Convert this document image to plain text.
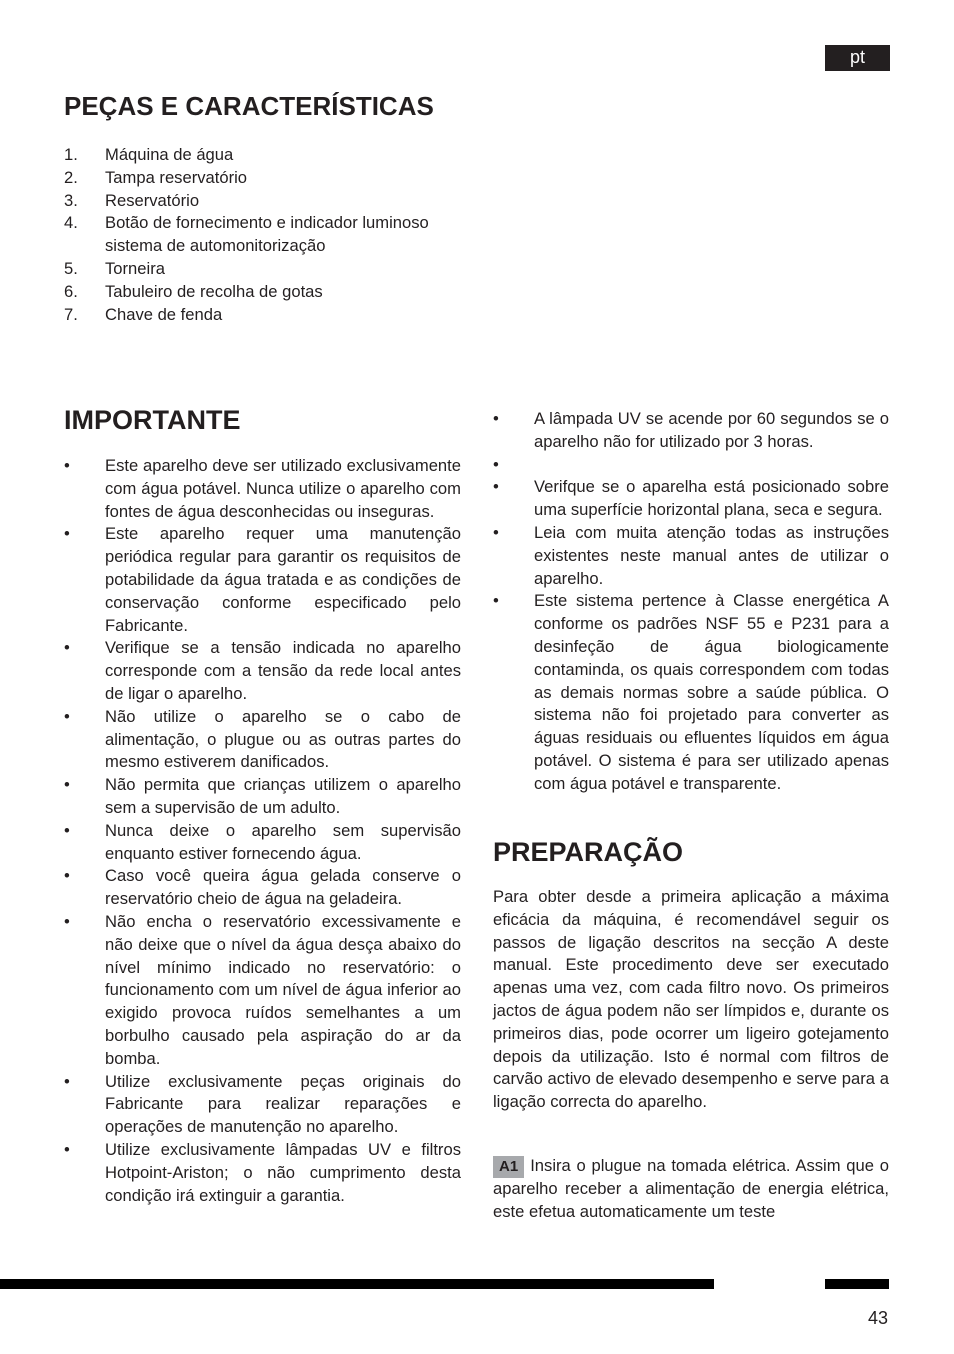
pt
PEÇAS E CARACTERÍSTICAS
1. Máquina de água
2. Tampa reservatório
3. Reservatório
4. Botão de fornecimento e indicador luminoso sistema de automonitorização
5. Torneira
6. Tabuleiro de recolha de gotas
7. Chave de fenda
IMPORTANTE
• Este aparelho deve ser utilizado exclusivamente com água potável. Nunca utilize o aparelho com fontes de água desconhecidas ou inseguras.
• Este aparelho requer uma manutenção periódica regular para garantir os requisitos de potabilidade da água tratada e as condições de conservação conforme especificado pelo Fabricante.
• Verifique se a tensão indicada no aparelho corresponde com a tensão da rede local antes de ligar o aparelho.
• Não utilize o aparelho se o cabo de alimentação, o plugue ou as outras partes do mesmo estiverem danificados.
• Não permita que crianças utilizem o aparelho sem a supervisão de um adulto.
• Nunca deixe o aparelho sem supervisão enquanto estiver fornecendo água.
• Caso você queira água gelada conserve o reservatório cheio de água na geladeira.
• Não encha o reservatório excessivamente e não deixe que o nível da água desça abaixo do nível mínimo indicado no reservatório: o funcionamento com um nível de água inferior ao exigido provoca ruídos semelhantes a um borbulho causado pela aspiração do ar da bomba.
• Utilize exclusivamente peças originais do Fabricante para realizar reparações e operações de manutenção no aparelho.
• Utilize exclusivamente lâmpadas UV e filtros Hotpoint-Ariston; o não cumprimento desta condição irá extinguir a garantia.
• A lâmpada UV se acende por 60 segundos se o aparelho não for utilizado por 3 horas.
•

• Verifque se o aparelha está posicionado sobre uma superfície horizontal plana, seca e segura.
• Leia com muita atenção todas as instruções existentes neste manual antes de utilizar o aparelho.
• Este sistema pertence à Classe energética A conforme os padrões NSF 55 e P231 para a desinfeção de água biologicamente contaminda, os quais correspondem com todas as demais normas sobre a saúde pública. O sistema não foi projetado para converter as águas residuais ou efluentes líquidos em água potável. O sistema é para ser utilizado apenas com água potável e transparente.
PREPARAÇÃO

Para obter desde a primeira aplicação a máxima eficácia da máquina, é recomendável seguir os passos de ligação descritos na secção A deste manual. Este procedimento deve ser executado apenas uma vez, com cada filtro novo. Os primeiros jactos de água podem não ser límpidos e, durante os primeiros dias, pode ocorrer um ligeiro gotejamento depois da utilização. Isto é normal com filtros de carvão activo de elevado desempenho e serve para a ligação correcta do aparelho.

A1 Insira o plugue na tomada elétrica. Assim que o aparelho receber a alimentação de energia elétrica, este efetua automaticamente um teste

43
